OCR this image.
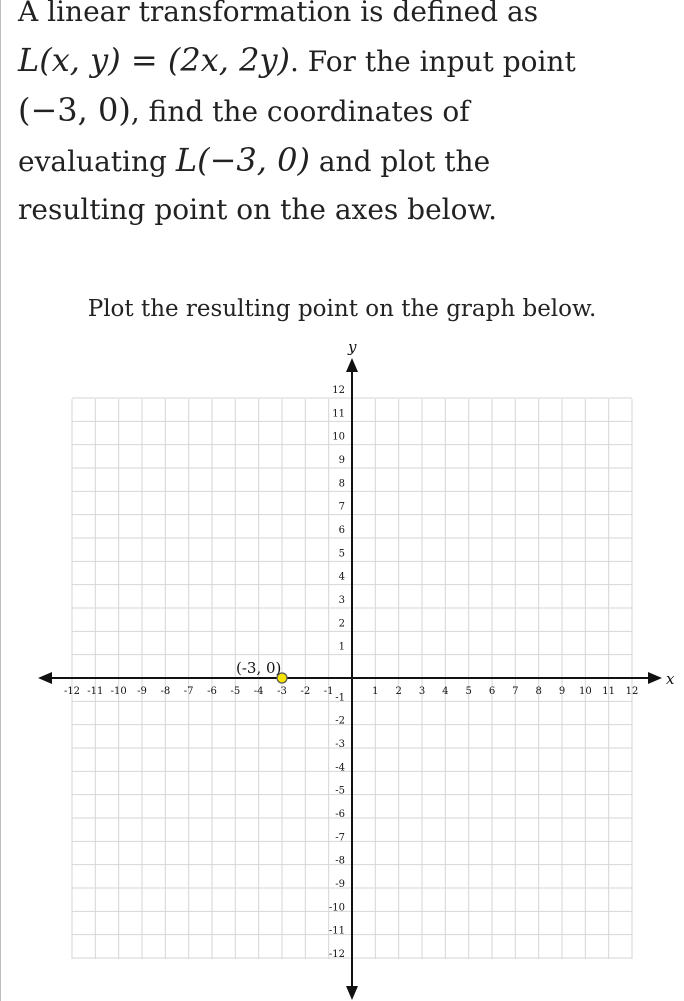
A linear transformation is defined as
L(x, y) = (2x, 2y). For the input point
(−3, 0), find the coordinates of
evaluating L(−3, 0) and plot the
resulting point on the axes below.
Plot the resulting point on the graph below.
x
y
-12 -11 -10 -9 -8 -7 -6 -5 -4 -3 -2 -1	1 2 3 4 5 6 7 8 9 10 11 12
-12
-11
-10
-9
-8
-7
-6
-5
-4
-3
-2
-1
1
2
3
4
5
6
7
8
9
10
11
12
(-3, 0)
